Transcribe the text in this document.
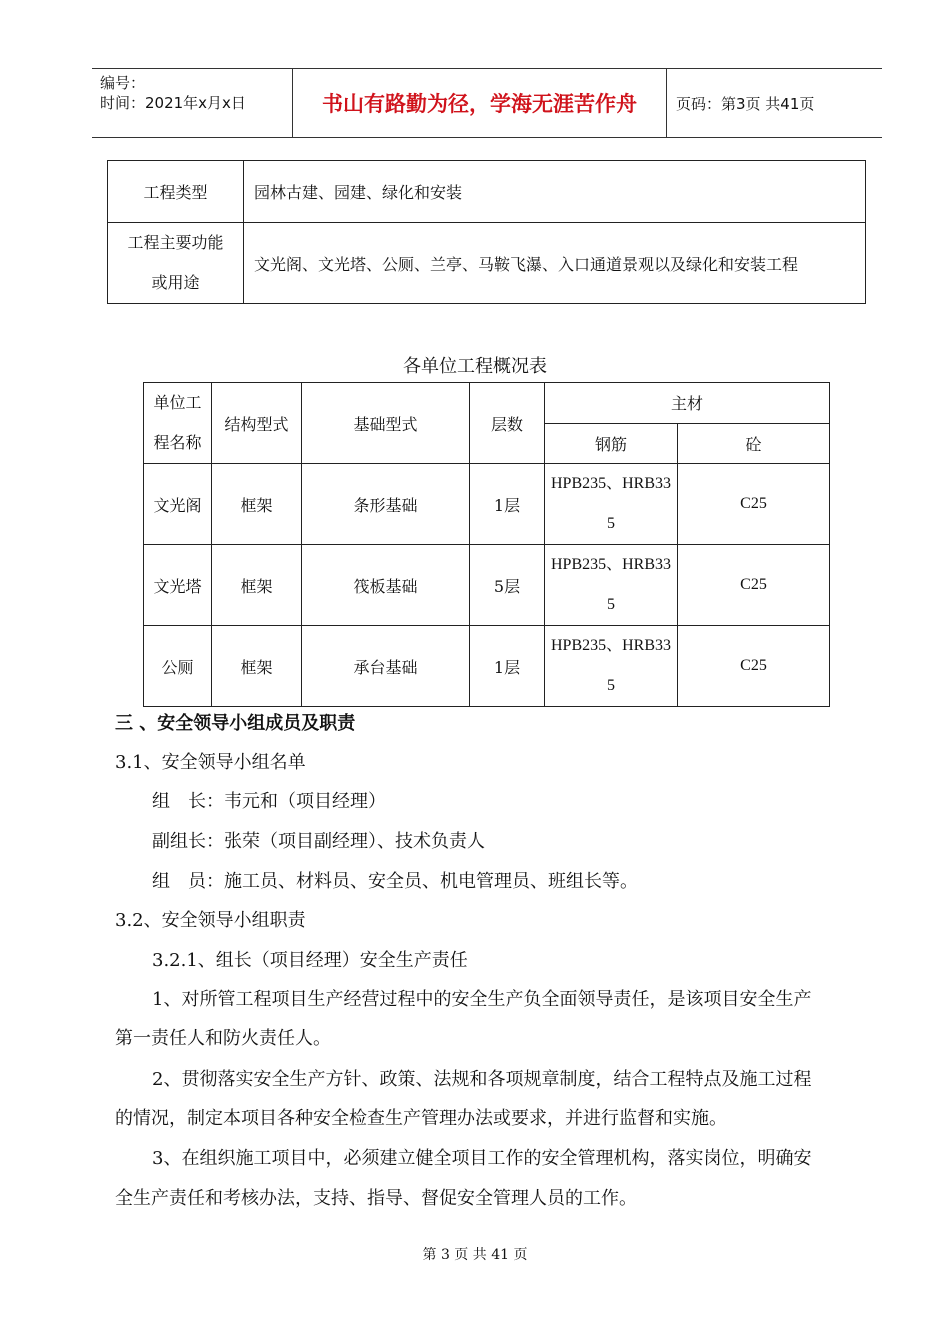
编号：
时间：2021年x月x日	书山有路勤为径，学海无涯苦作舟	页码：第3页 共41页
工程类型	园林古建、园建、绿化和安装

工程主要功能
或用途	文光阁、文光塔、公厕、兰亭、马鞍飞瀑、入口通道景观以及绿化和安装工程
各单位工程概况表
单位工
程名称	结构型式	基础型式	层数	主材	
				钢筋	砼
文光阁	框架	条形基础	1层	HPB235、HRB33
5	C25
文光塔	框架	筏板基础	5层	HPB235、HRB33
5	C25
公厕	框架	承台基础	1层	HPB235、HRB33
5	C25
三 、安全领导小组成员及职责
3.1、安全领导小组名单
组　长：韦元和（项目经理）
副组长：张荣（项目副经理）、技术负责人
组　员：施工员、材料员、安全员、机电管理员、班组长等。
3.2、安全领导小组职责
3.2.1、组长（项目经理）安全生产责任
1、对所管工程项目生产经营过程中的安全生产负全面领导责任，是该项目安全生产
第一责任人和防火责任人。
2、贯彻落实安全生产方针、政策、法规和各项规章制度，结合工程特点及施工过程
的情况，制定本项目各种安全检查生产管理办法或要求，并进行监督和实施。
3、在组织施工项目中，必须建立健全项目工作的安全管理机构，落实岗位，明确安
全生产责任和考核办法，支持、指导、督促安全管理人员的工作。
第 3 页 共 41 页
